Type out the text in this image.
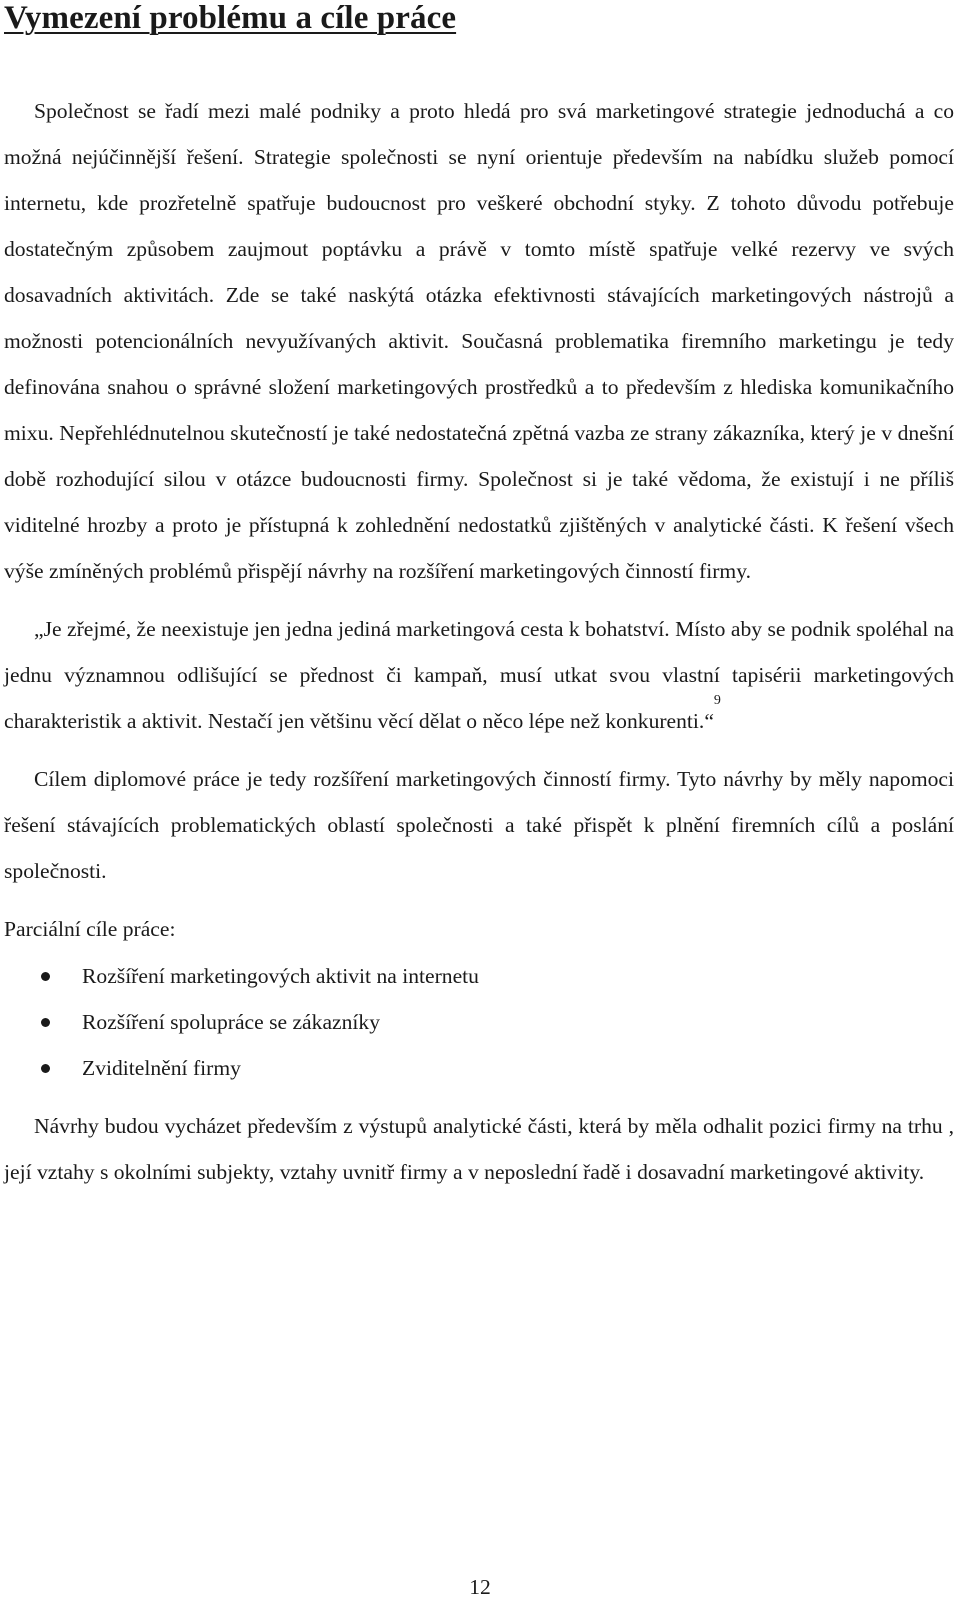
Vymezení problému a cíle práce

Společnost se řadí mezi malé podniky a proto hledá pro svá marketingové strategie jednoduchá a co možná nejúčinnější řešení. Strategie společnosti se nyní orientuje především na nabídku služeb pomocí internetu, kde prozřetelně spatřuje budoucnost pro veškeré obchodní styky. Z tohoto důvodu potřebuje dostatečným způsobem zaujmout poptávku a právě v tomto místě spatřuje velké rezervy ve svých dosavadních aktivitách. Zde se také naskýtá otázka efektivnosti stávajících marketingových nástrojů a možnosti potencionálních nevyužívaných aktivit. Současná problematika firemního marketingu je tedy definována snahou o správné složení marketingových prostředků a to především z hlediska komunikačního mixu. Nepřehlédnutelnou skutečností je také nedostatečná zpětná vazba ze strany zákazníka, který je v dnešní době rozhodující silou v otázce budoucnosti firmy. Společnost si je také vědoma, že existují i ne příliš viditelné hrozby a proto je přístupná k zohlednění nedostatků zjištěných v analytické části. K řešení všech výše zmíněných problémů přispějí návrhy na rozšíření marketingových činností firmy.

„Je zřejmé, že neexistuje jen jedna jediná marketingová cesta k bohatství. Místo aby se podnik spoléhal na jednu významnou odlišující se přednost či kampaň, musí utkat svou vlastní tapisérii marketingových charakteristik a aktivit. Nestačí jen většinu věcí dělat o něco lépe než konkurenti.“$^9$

Cílem diplomové práce je tedy rozšíření marketingových činností firmy. Tyto návrhy by měly napomoci řešení stávajících problematických oblastí společnosti a také přispět k plnění firemních cílů a poslání společnosti.

Parciální cíle práce:

Rozšíření marketingových aktivit na internetu
Rozšíření spolupráce se zákazníky
Zviditelnění firmy

Návrhy budou vycházet především z výstupů analytické části, která by měla odhalit pozici firmy na trhu , její vztahy s okolními subjekty, vztahy uvnitř firmy a v neposlední řadě i dosavadní marketingové aktivity.

12
